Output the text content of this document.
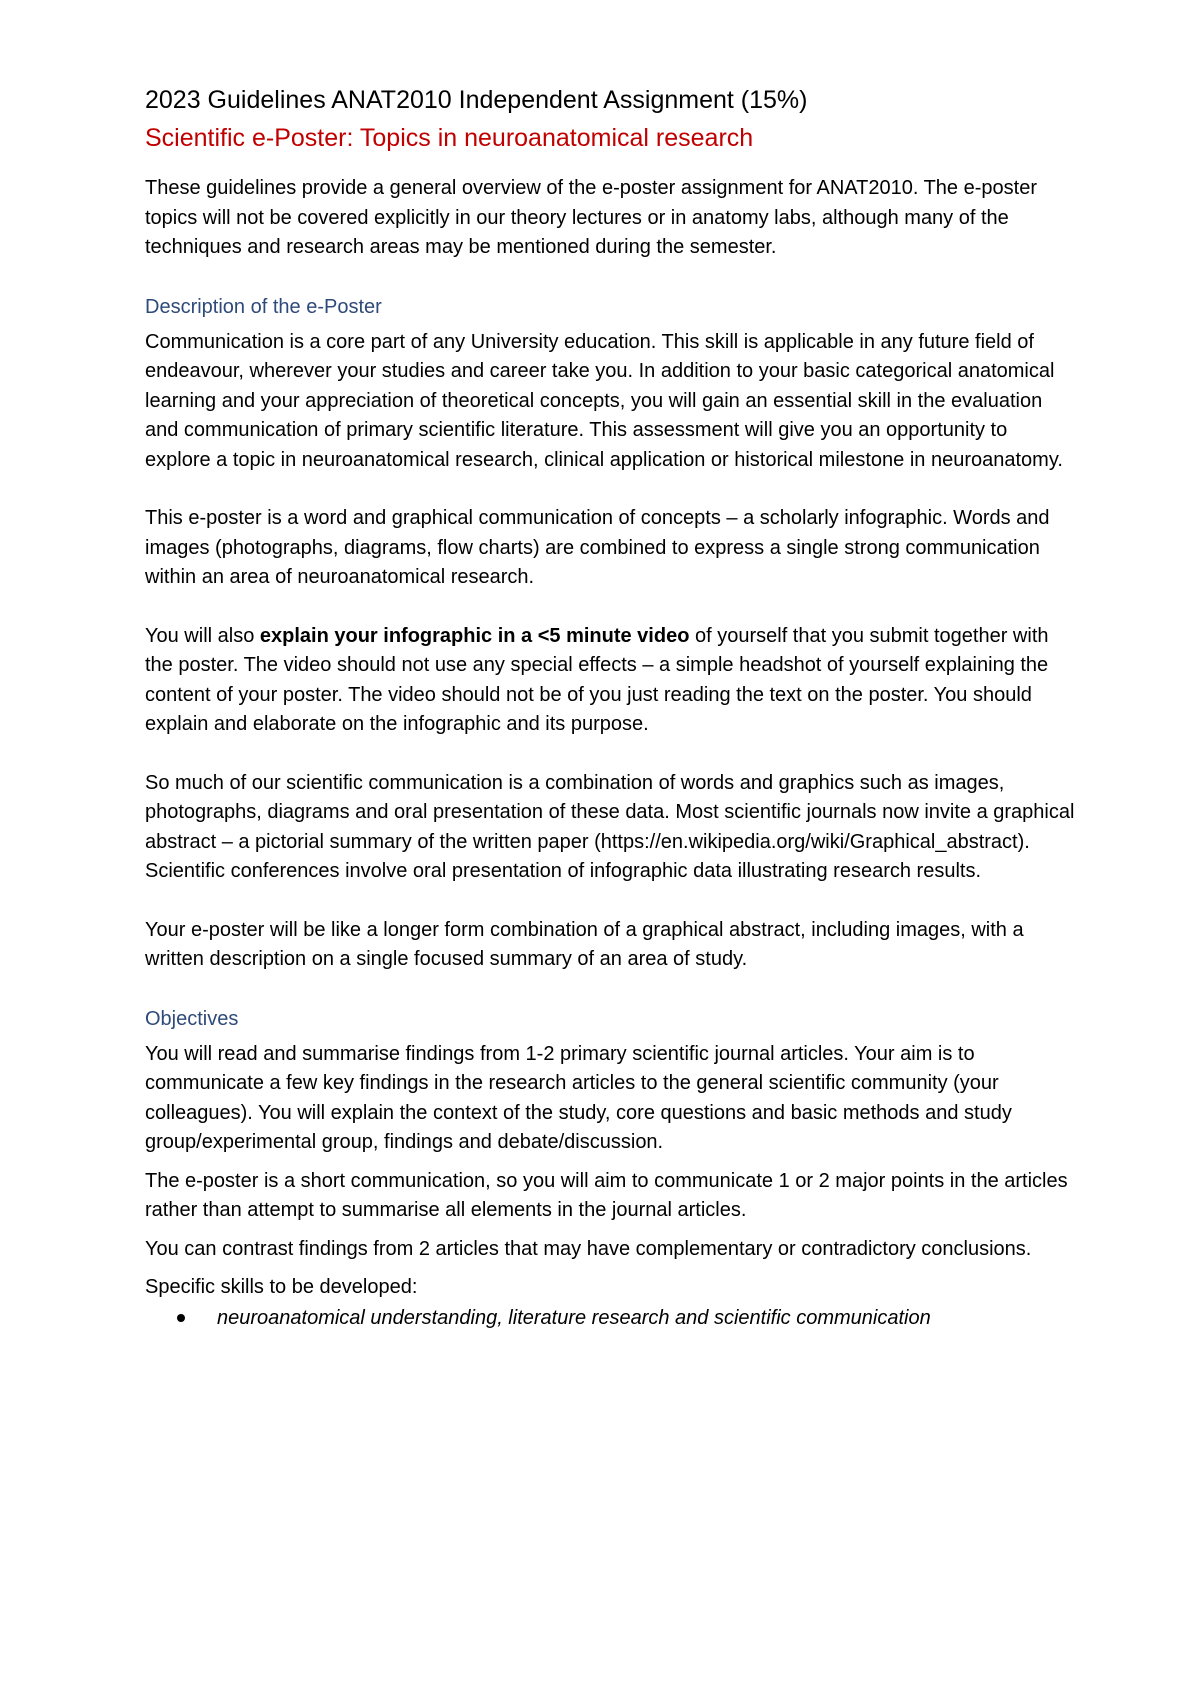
2023 Guidelines ANAT2010 Independent Assignment (15%)
Scientific e-Poster: Topics in neuroanatomical research

These guidelines provide a general overview of the e-poster assignment for ANAT2010. The e-poster topics will not be covered explicitly in our theory lectures or in anatomy labs, although many of the techniques and research areas may be mentioned during the semester.

Description of the e-Poster

Communication is a core part of any University education. This skill is applicable in any future field of endeavour, wherever your studies and career take you. In addition to your basic categorical anatomical learning and your appreciation of theoretical concepts, you will gain an essential skill in the evaluation and communication of primary scientific literature. This assessment will give you an opportunity to explore a topic in neuroanatomical research, clinical application or historical milestone in neuroanatomy.

This e-poster is a word and graphical communication of concepts – a scholarly infographic. Words and images (photographs, diagrams, flow charts) are combined to express a single strong communication within an area of neuroanatomical research.

You will also explain your infographic in a <5 minute video of yourself that you submit together with the poster. The video should not use any special effects – a simple headshot of yourself explaining the content of your poster. The video should not be of you just reading the text on the poster. You should explain and elaborate on the infographic and its purpose.

So much of our scientific communication is a combination of words and graphics such as images, photographs, diagrams and oral presentation of these data. Most scientific journals now invite a graphical abstract – a pictorial summary of the written paper (https://en.wikipedia.org/wiki/Graphical_abstract). Scientific conferences involve oral presentation of infographic data illustrating research results.

Your e-poster will be like a longer form combination of a graphical abstract, including images, with a written description on a single focused summary of an area of study.

Objectives

You will read and summarise findings from 1-2 primary scientific journal articles. Your aim is to communicate a few key findings in the research articles to the general scientific community (your colleagues). You will explain the context of the study, core questions and basic methods and study group/experimental group, findings and debate/discussion.

The e-poster is a short communication, so you will aim to communicate 1 or 2 major points in the articles rather than attempt to summarise all elements in the journal articles.

You can contrast findings from 2 articles that may have complementary or contradictory conclusions.

Specific skills to be developed:

neuroanatomical understanding, literature research and scientific communication
